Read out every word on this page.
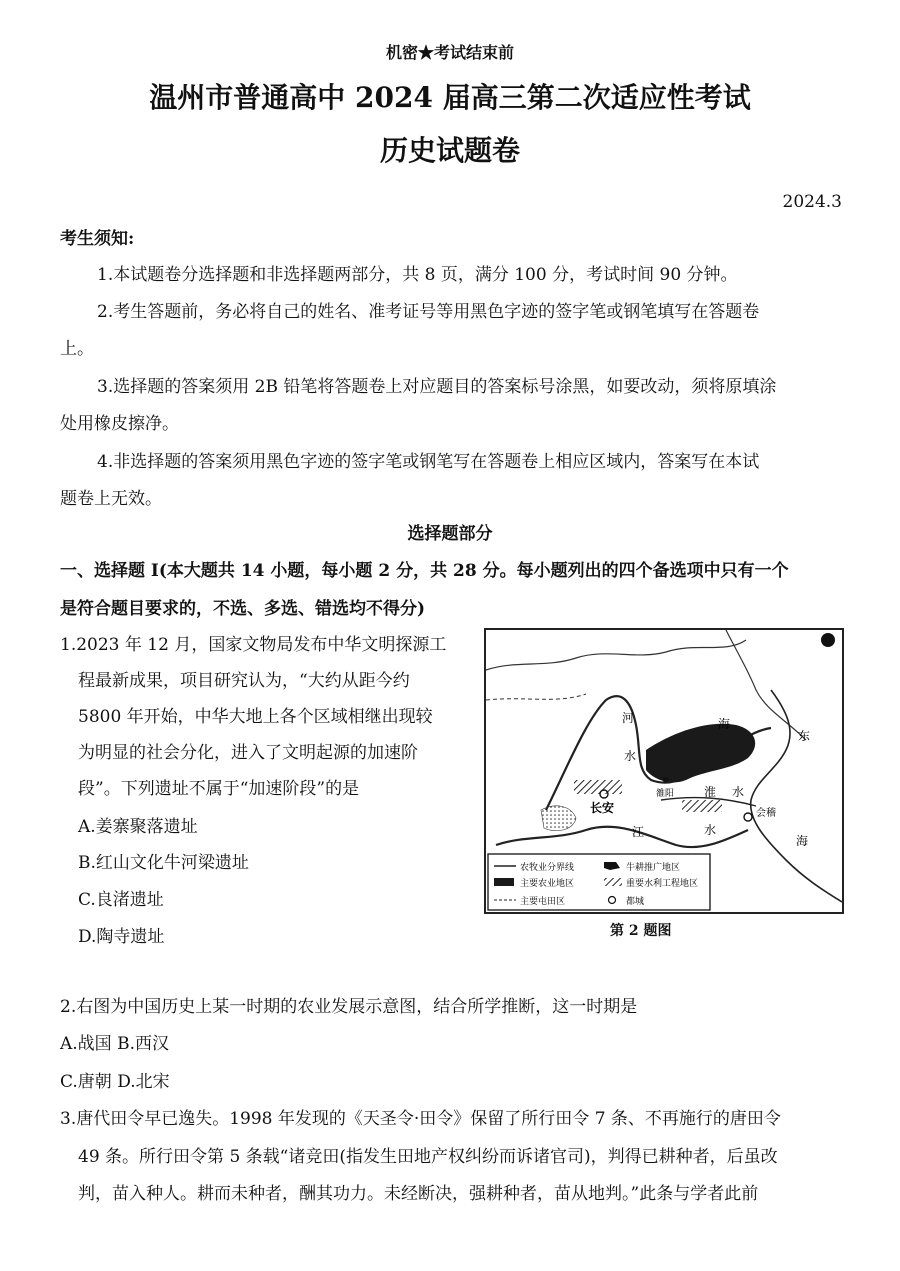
机密★考试结束前

温州市普通高中 2024 届高三第二次适应性考试

历史试题卷

2024.3

考生须知:

1.本试题卷分选择题和非选择题两部分，共 8 页，满分 100 分，考试时间 90 分钟。

2.考生答题前，务必将自己的姓名、准考证号等用黑色字迹的签字笔或钢笔填写在答题卷

上。

3.选择题的答案须用 2B 铅笔将答题卷上对应题目的答案标号涂黑，如要改动，须将原填涂

处用橡皮擦净。

4.非选择题的答案须用黑色字迹的签字笔或钢笔写在答题卷上相应区域内，答案写在本试

题卷上无效。

选择题部分

一、选择题 I(本大题共 14 小题，每小题 2 分，共 28 分。每小题列出的四个备选项中只有一个

是符合题目要求的，不选、多选、错选均不得分)

1.2023 年 12 月，国家文物局发布中华文明探源工

程最新成果，项目研究认为，“大约从距今约

5800 年开始，中华大地上各个区域相继出现较

为明显的社会分化，进入了文明起源的加速阶

段”。下列遗址不属于“加速阶段”的是

A.姜寨聚落遗址

B.红山文化牛河梁遗址

C.良渚遗址

D.陶寺遗址

河
水
海
东
淮 水
江	水
海
长安
雒阳
会稽
农牧业分界线
主要农业地区
主要屯田区
牛耕推广地区
重要水利工程地区
都城

第 2 题图

2.右图为中国历史上某一时期的农业发展示意图，结合所学推断，这一时期是

A.战国 B.西汉

C.唐朝 D.北宋

3.唐代田令早已逸失。1998 年发现的《天圣令·田令》保留了所行田令 7 条、不再施行的唐田令

49 条。所行田令第 5 条载“诸竞田(指发生田地产权纠纷而诉诸官司)，判得已耕种者，后虽改

判，苗入种人。耕而未种者，酬其功力。未经断决，强耕种者，苗从地判。”此条与学者此前
